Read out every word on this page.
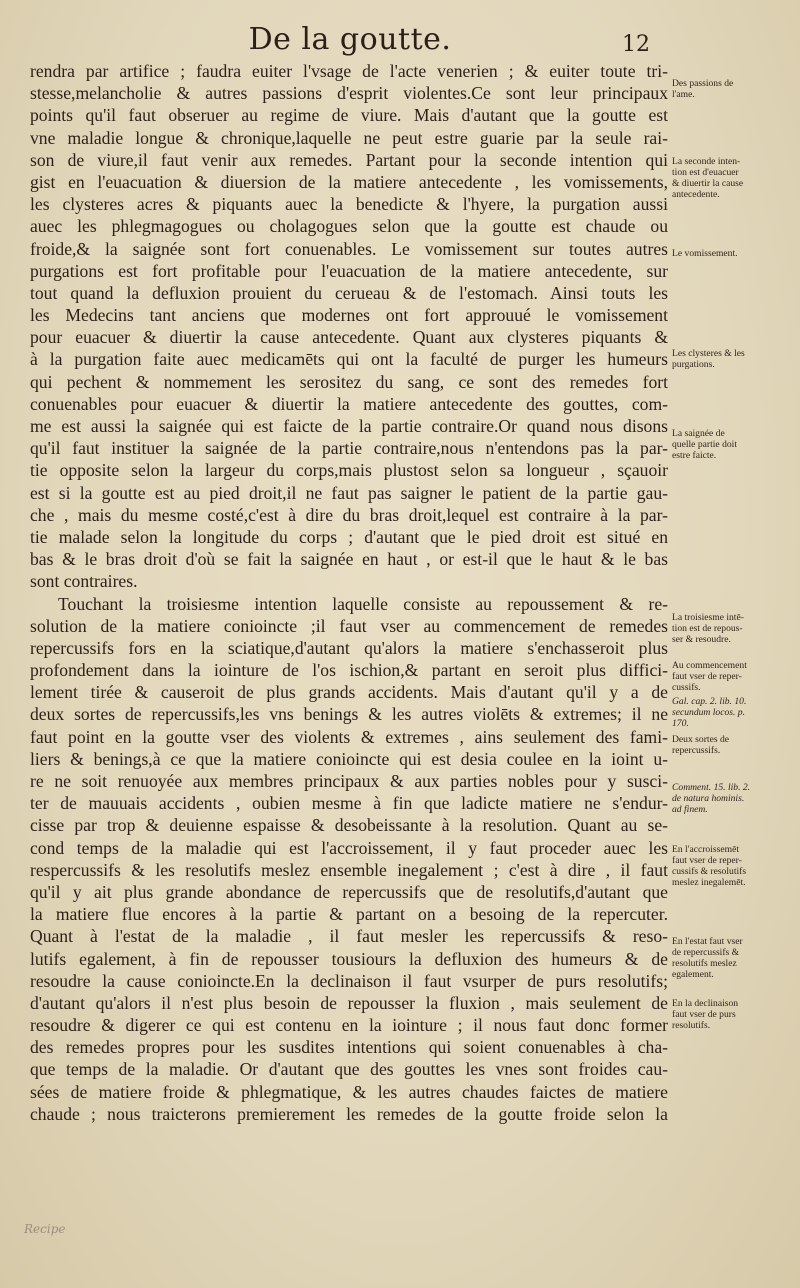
De la goutte.	12
rendra par artifice ; faudra euiter l'vsage de l'acte venerien ; & euiter toute tri-
stesse,melancholie & autres passions d'esprit violentes.Ce sont leur principaux
points qu'il faut obseruer au regime de viure. Mais d'autant que la goutte est
vne maladie longue & chronique,laquelle ne peut estre guarie par la seule rai-
son de viure,il faut venir aux remedes. Partant pour la seconde intention qui
gist en l'euacuation & diuersion de la matiere antecedente , les vomissements,
les clysteres acres & piquants auec la benedicte & l'hyere, la purgation aussi
auec les phlegmagogues ou cholagogues selon que la goutte est chaude ou
froide,& la saignée sont fort conuenables. Le vomissement sur toutes autres
purgations est fort profitable pour l'euacuation de la matiere antecedente, sur
tout quand la defluxion prouient du cerueau & de l'estomach. Ainsi touts les
les Medecins tant anciens que modernes ont fort approuué le vomissement
pour euacuer & diuertir la cause antecedente. Quant aux clysteres piquants &
à la purgation faite auec medicamēts qui ont la faculté de purger les humeurs
qui pechent & nommement les serositez du sang, ce sont des remedes fort
conuenables pour euacuer & diuertir la matiere antecedente des gouttes, com-
me est aussi la saignée qui est faicte de la partie contraire.Or quand nous disons
qu'il faut instituer la saignée de la partie contraire,nous n'entendons pas la par-
tie opposite selon la largeur du corps,mais plustost selon sa longueur , sçauoir
est si la goutte est au pied droit,il ne faut pas saigner le patient de la partie gau-
che , mais du mesme costé,c'est à dire du bras droit,lequel est contraire à la par-
tie malade selon la longitude du corps ; d'autant que le pied droit est situé en
bas & le bras droit d'où se fait la saignée en haut , or est-il que le haut & le bas
sont contraires.
Touchant la troisiesme intention laquelle consiste au repoussement & re-
solution de la matiere conioincte ;il faut vser au commencement de remedes
repercussifs fors en la sciatique,d'autant qu'alors la matiere s'enchasseroit plus
profondement dans la iointure de l'os ischion,& partant en seroit plus diffici-
lement tirée & causeroit de plus grands accidents. Mais d'autant qu'il y a de
deux sortes de repercussifs,les vns benings & les autres violēts & extremes; il ne
faut point en la goutte vser des violents & extremes , ains seulement des fami-
liers & benings,à ce que la matiere conioincte qui est desia coulee en la ioint u-
re ne soit renuoyée aux membres principaux & aux parties nobles pour y susci-
ter de mauuais accidents , oubien mesme à fin que ladicte matiere ne s'endur-
cisse par trop & deuienne espaisse & desobeissante à la resolution. Quant au se-
cond temps de la maladie qui est l'accroissement, il y faut proceder auec les
respercussifs & les resolutifs meslez ensemble inegalement ; c'est à dire , il faut
qu'il y ait plus grande abondance de repercussifs que de resolutifs,d'autant que
la matiere flue encores à la partie & partant on a besoing de la repercuter.
Quant à l'estat de la maladie , il faut mesler les repercussifs & reso-
lutifs egalement, à fin de repousser tousiours la defluxion des humeurs & de
resoudre la cause conioincte.En la declinaison il faut vsurper de purs resolutifs;
d'autant qu'alors il n'est plus besoin de repousser la fluxion , mais seulement de
resoudre & digerer ce qui est contenu en la iointure ; il nous faut donc former
des remedes propres pour les susdites intentions qui soient conuenables à cha-
que temps de la maladie. Or d'autant que des gouttes les vnes sont froides cau-
sées de matiere froide & phlegmatique, & les autres chaudes faictes de matiere
chaude ; nous traicterons premierement les remedes de la goutte froide selon la
Des passions de
l'ame.
La seconde inten-
tion est d'euacuer
& diuertir la cause
antecedente.
Le vomissement.
Les clysteres & les
purgations.
La saignée de
quelle partie doit
estre faicte.
La troisiesme intē-
tion est de repous-
ser & resoudre.
Au commencement
faut vser de reper-
cussifs.
Gal. cap. 2. lib. 10.
secundum locos. p.
170.
Deux sortes de
repercussifs.
Comment. 15. lib. 2.
de natura hominis.
ad finem.
En l'accroissemēt
faut vser de reper-
cussifs & resolutifs
meslez inegalemēt.
En l'estat faut vser
de repercussifs &
resolutifs meslez
egalement.
En la declinaison
faut vser de purs
resolutifs.
Recipe
